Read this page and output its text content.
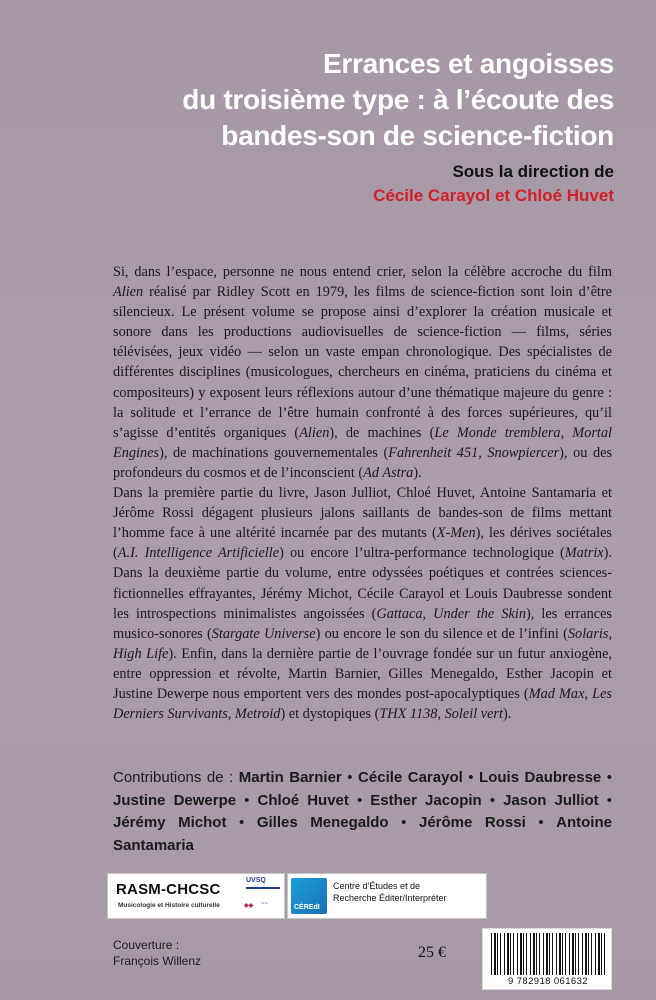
Errances et angoisses
du troisième type : à l’écoute des
bandes-son de science-fiction
Sous la direction de
Cécile Carayol et Chloé Huvet

Si, dans l’espace, personne ne nous entend crier, selon la célèbre accroche du film Alien réalisé par Ridley Scott en 1979, les films de science-fiction sont loin d’être silencieux. Le présent volume se propose ainsi d’explorer la création musicale et sonore dans les productions audiovisuelles de science-fiction — films, séries télévisées, jeux vidéo — selon un vaste empan chronologique. Des spécialistes de différentes disciplines (musicologues, chercheurs en cinéma, praticiens du cinéma et compositeurs) y exposent leurs réflexions autour d’une thématique majeure du genre : la solitude et l’errance de l’être humain confronté à des forces supérieures, qu’il s’agisse d’entités organiques (Alien), de machines (Le Monde tremblera, Mortal Engines), de machinations gouvernementales (Fahrenheit 451, Snowpiercer), ou des profondeurs du cosmos et de l’inconscient (Ad Astra).

Dans la première partie du livre, Jason Julliot, Chloé Huvet, Antoine Santamaria et Jérôme Rossi dégagent plusieurs jalons saillants de bandes-son de films mettant l’homme face à une altérité incarnée par des mutants (X-Men), les dérives sociétales (A.I. Intelligence Artificielle) ou encore l’ultra-performance technologique (Matrix). Dans la deuxième partie du volume, entre odyssées poétiques et contrées sciences-fictionnelles effrayantes, Jérémy Michot, Cécile Carayol et Louis Daubresse sondent les introspections minimalistes angoissées (Gattaca, Under the Skin), les errances musico-sonores (Stargate Universe) ou encore le son du silence et de l’infini (Solaris, High Life). Enfin, dans la dernière partie de l’ouvrage fondée sur un futur anxiogène, entre oppression et révolte, Martin Barnier, Gilles Menegaldo, Esther Jacopin et Justine Dewerpe nous emportent vers des mondes post-apocalyptiques (Mad Max, Les Derniers Survivants, Metroid) et dystopiques (THX 1138, Soleil vert).

Contributions de : Martin Barnier • Cécile Carayol • Louis Daubresse • Justine Dewerpe • Chloé Huvet • Esther Jacopin • Jason Julliot • Jérémy Michot • Gilles Menegaldo • Jérôme Rossi • Antoine Santamaria
RASM-CHCSC
Musicologie et Histoire culturelle
UVSQ
◆◆ ~~	CÉREdI
Centre d’Études et de
Recherche Éditer/Interpréter
Couverture :
François Willenz	25 €
9 782918 061632
